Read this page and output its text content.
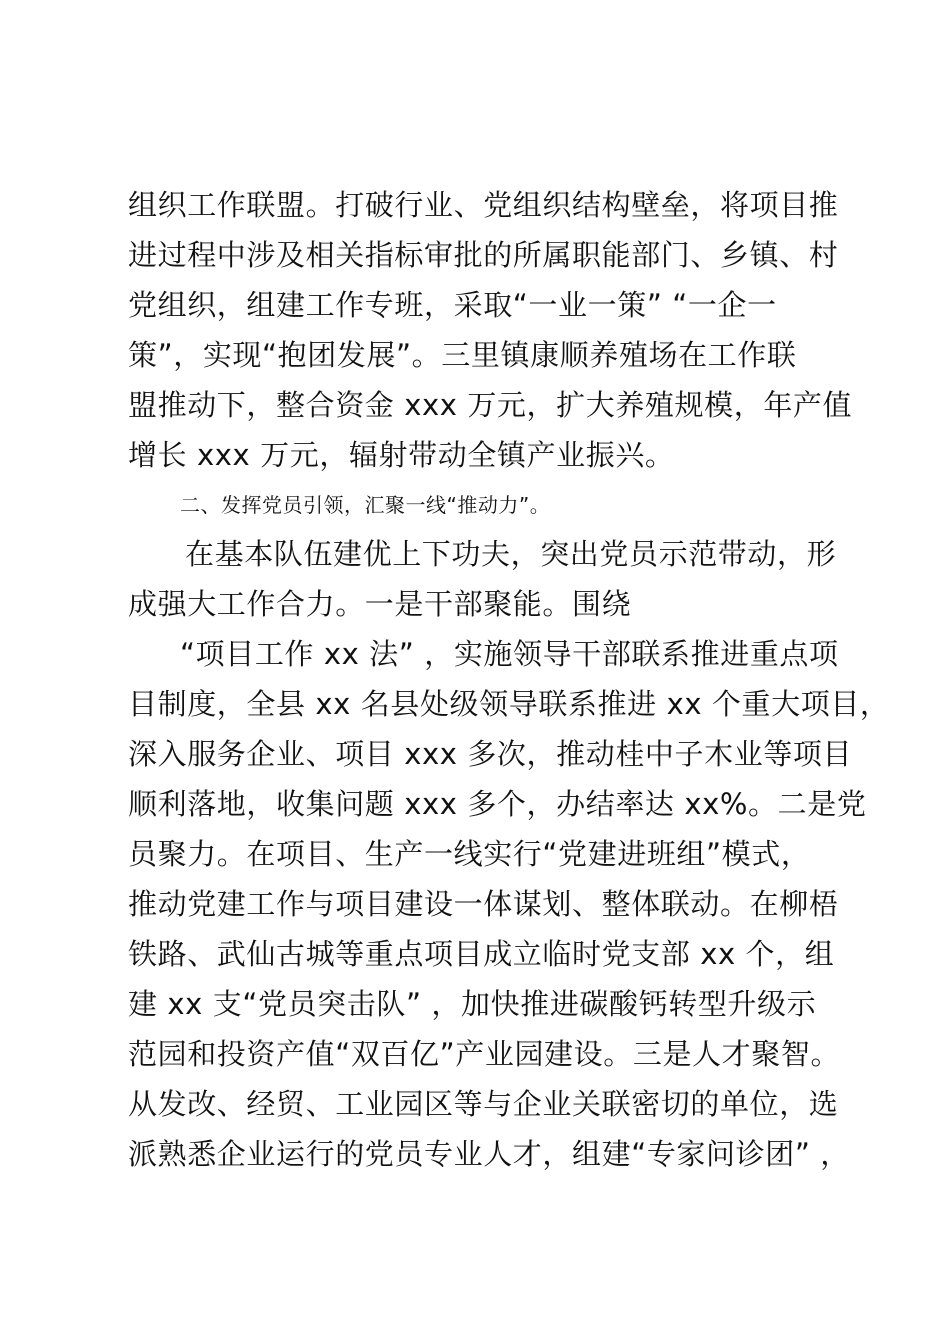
组织工作联盟。打破行业、党组织结构壁垒，将项目推
进过程中涉及相关指标审批的所属职能部门、乡镇、村
党组织，组建工作专班，采取“一业一策” “一企一
策”，实现“抱团发展”。三里镇康顺养殖场在工作联
盟推动下，整合资金 xxx 万元，扩大养殖规模，年产值
增长 xxx 万元，辐射带动全镇产业振兴。
二、发挥党员引领，汇聚一线“推动力”。
在基本队伍建优上下功夫，突出党员示范带动，形
成强大工作合力。一是干部聚能。围绕
“项目工作 xx 法” ，实施领导干部联系推进重点项
目制度，全县 xx 名县处级领导联系推进 xx 个重大项目，
深入服务企业、项目 xxx 多次，推动桂中子木业等项目
顺利落地，收集问题 xxx 多个，办结率达 xx%。二是党
员聚力。在项目、生产一线实行“党建进班组”模式，
推动党建工作与项目建设一体谋划、整体联动。在柳梧
铁路、武仙古城等重点项目成立临时党支部 xx 个，组
建 xx 支“党员突击队” ，加快推进碳酸钙转型升级示
范园和投资产值“双百亿”产业园建设。三是人才聚智。
从发改、经贸、工业园区等与企业关联密切的单位，选
派熟悉企业运行的党员专业人才，组建“专家问诊团” ，
